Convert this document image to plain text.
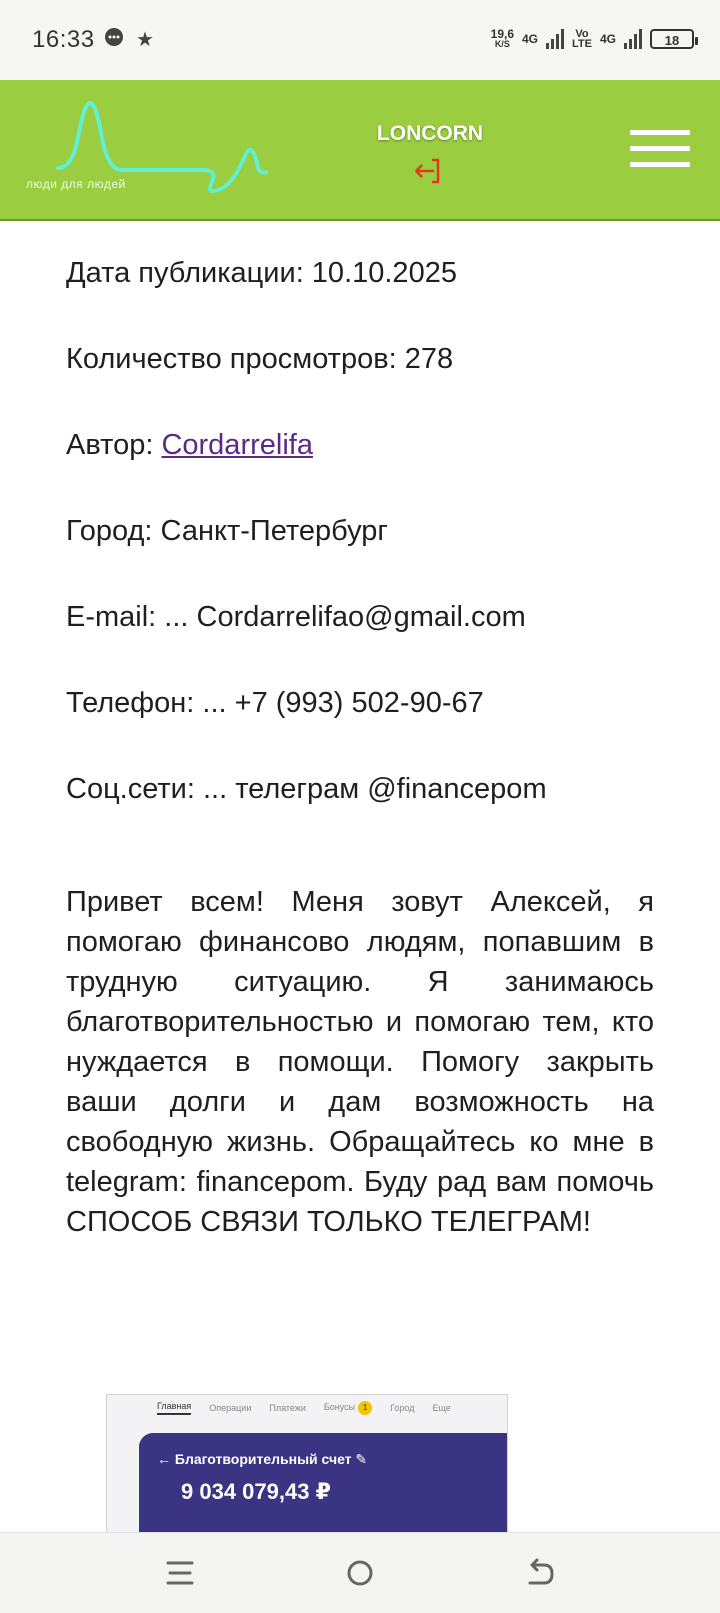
16:33 ★	19,6
K/S	4G	Vo
LTE 4G	18
люди для людей
LONCORN
Дата публикации: 10.10.2025
Количество просмотров: 278
Автор: Cordarrelifa
Город: Санкт-Петербург
E-mail: ... Cordarrelifao@gmail.com
Телефон: ... +7 (993) 502-90-67
Соц.сети: ... телеграм @financepom
Привет всем! Меня зовут Алексей, я помогаю финансово людям, попавшим в трудную ситуацию. Я занимаюсь благотворительностью и помогаю тем, кто нуждается в помощи. Помогу закрыть ваши долги и дам возможность на свободную жизнь. Обращайтесь ко мне в telegram: financepom. Буду рад вам помочь СПОСОБ СВЯЗИ ТОЛЬКО ТЕЛЕГРАМ!
Главная Операции Платежи Бонусы 1	Город Еще
← Благотворительный счет ✎
9 034 079,43 ₽
